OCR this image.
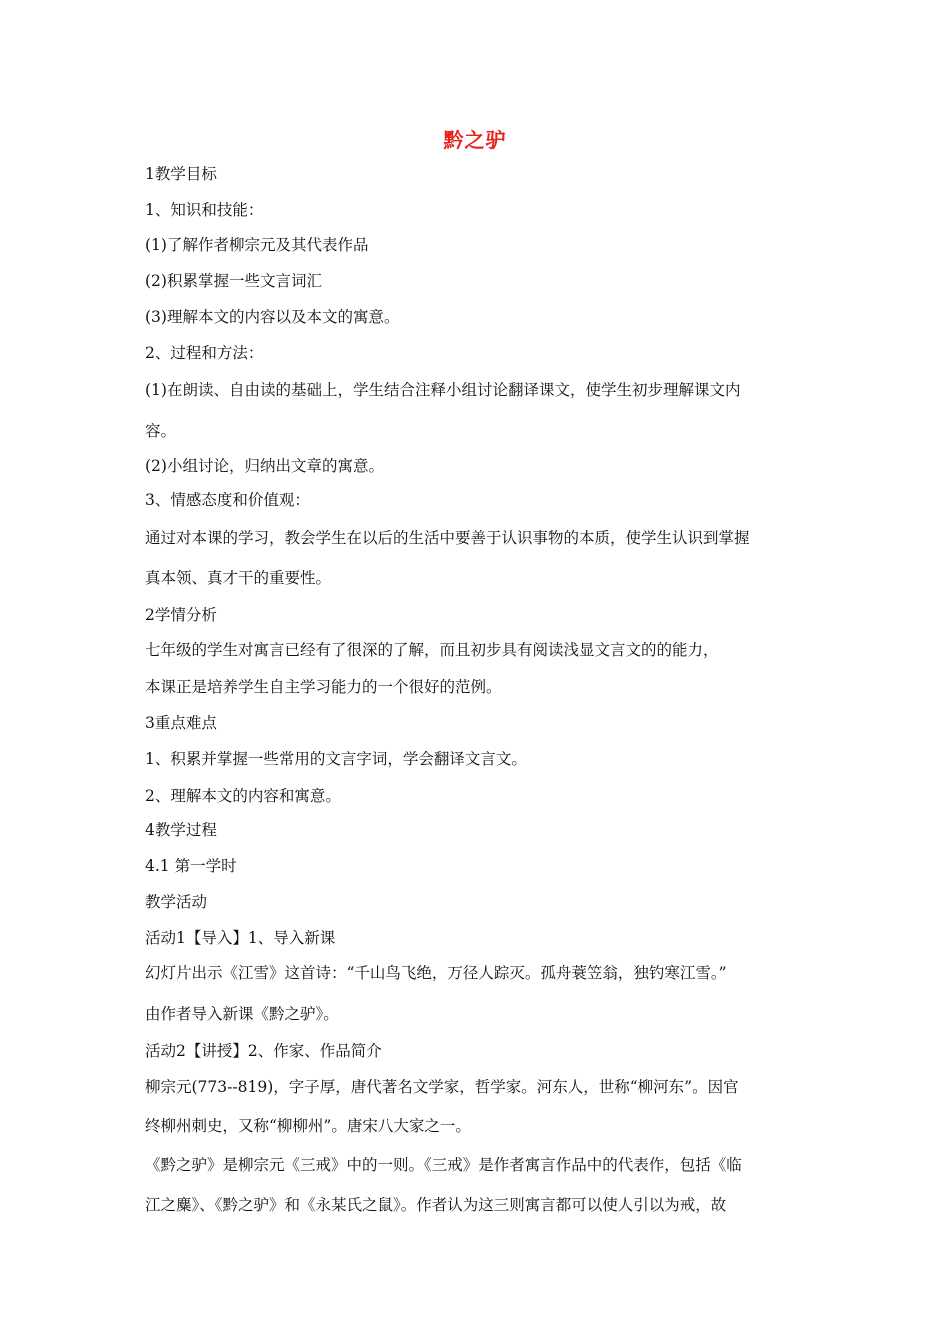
黔之驴
1教学目标
1、知识和技能：
(1)了解作者柳宗元及其代表作品
(2)积累掌握一些文言词汇
(3)理解本文的内容以及本文的寓意。
2、过程和方法：
(1)在朗读、自由读的基础上，学生结合注释小组讨论翻译课文，使学生初步理解课文内
容。
(2)小组讨论，归纳出文章的寓意。
3、情感态度和价值观：
通过对本课的学习，教会学生在以后的生活中要善于认识事物的本质，使学生认识到掌握
真本领、真才干的重要性。
2学情分析
七年级的学生对寓言已经有了很深的了解，而且初步具有阅读浅显文言文的的能力，
本课正是培养学生自主学习能力的一个很好的范例。
3重点难点
1、积累并掌握一些常用的文言字词，学会翻译文言文。
2、理解本文的内容和寓意。
4教学过程
4.1 第一学时
教学活动
活动1【导入】1、导入新课
幻灯片出示《江雪》这首诗：“千山鸟飞绝，万径人踪灭。孤舟蓑笠翁，独钓寒江雪。”
由作者导入新课《黔之驴》。
活动2【讲授】2、作家、作品简介
柳宗元(773--819)，字子厚，唐代著名文学家，哲学家。河东人，世称“柳河东”。因官
终柳州刺史，又称“柳柳州”。唐宋八大家之一。
《黔之驴》是柳宗元《三戒》中的一则。《三戒》是作者寓言作品中的代表作，包括《临
江之麋》、《黔之驴》和《永某氏之鼠》。作者认为这三则寓言都可以使人引以为戒，故
